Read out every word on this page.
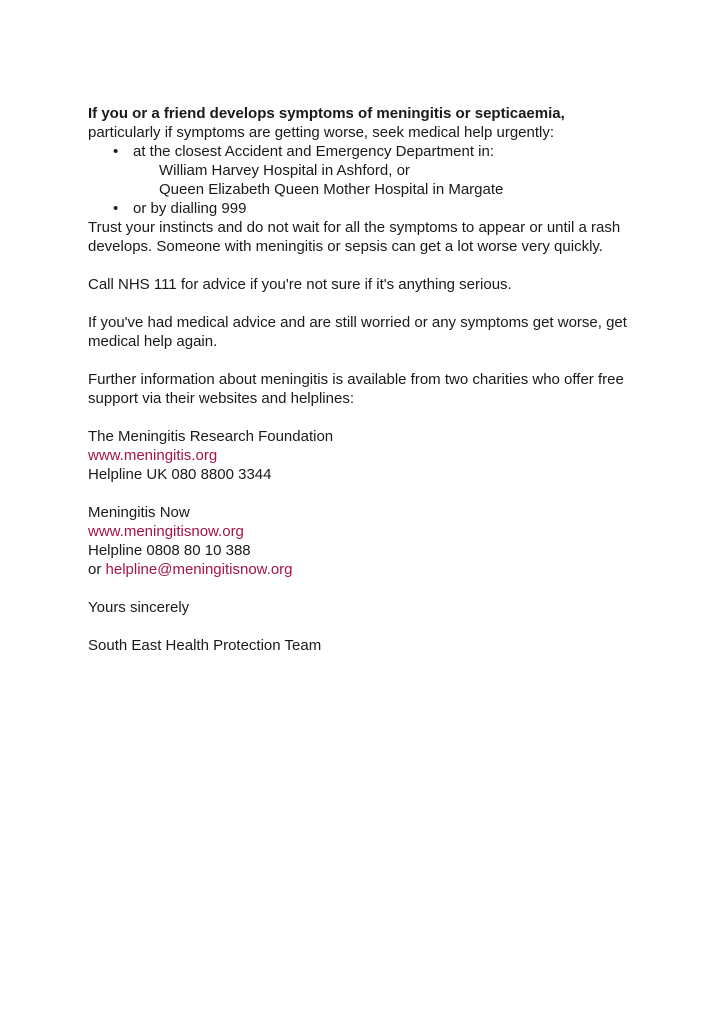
If you or a friend develops symptoms of meningitis or septicaemia, particularly if symptoms are getting worse, seek medical help urgently:

• at the closest Accident and Emergency Department in:
William Harvey Hospital in Ashford, or
Queen Elizabeth Queen Mother Hospital in Margate
• or by dialling 999

Trust your instincts and do not wait for all the symptoms to appear or until a rash develops. Someone with meningitis or sepsis can get a lot worse very quickly.

Call NHS 111 for advice if you're not sure if it's anything serious.

If you've had medical advice and are still worried or any symptoms get worse, get medical help again.

Further information about meningitis is available from two charities who offer free support via their websites and helplines:

The Meningitis Research Foundation
www.meningitis.org
Helpline UK 080 8800 3344
Meningitis Now
www.meningitisnow.org
Helpline 0808 80 10 388
or helpline@meningitisnow.org

Yours sincerely

South East Health Protection Team
